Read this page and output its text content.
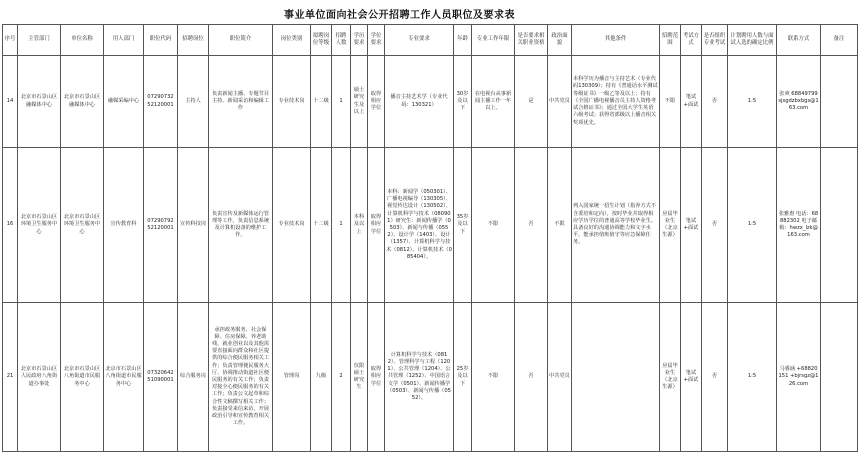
事业单位面向社会公开招聘工作人员职位及要求表
序号	主管部门	单位名称	用人部门	职位代码	招聘岗位	职位简介	岗位类别	拟聘岗位等级	招聘人数	学历要求	学位要求	专业要求	年龄	专业工作年限	是否要求相关职业资格	政治面貌	其他条件	招聘范围	考试方式	是否组织专业考试	计划聘用人数与面试人选的确定比例	联系方式	备注
14	北京市石景山区融媒体中心	北京市石景山区融媒体中心	融媒采编中心	07290732 52120001	主持人	负责新闻主播、专题节目主持、新闻采访和编辑工作	专业技术岗	十二级	1	硕士研究生及以上	取得相应学位	播音主持艺术学（专业代码：130321）	30岁及以下	在电视台从事新闻主播工作一年以上。	是	中共党员	本科学历为播音与主持艺术（专业代码130309）；持有《普通话水平测试等级证书》一级乙等及以上；持有《全国广播电视播音员主持人资格考试合格证书》；通过全国大学生英语六级考试；获得省部级以上播音相关奖项优先。	不限	笔试+面试	否	1:5	张爽 68849799 sjsgdzbxbgs@163.com	
16	北京市石景山区环境卫生服务中心	北京市石景山区环境卫生服务中心	宣传教育科	07290792 52120001	宣传科技岗	负责宣传及新媒体运行管理等工作，负责信息系统及计算机设备的维护工作。	专业技术岗	十二级	1	本科及以上	取得相应学位	本科：新闻学（050301）、广播电视编导（130305）、视觉传达设计（130502）、计算机科学与技术（080901）研究生：新闻传播学（0503）、新闻与传播（0552）、设计学（1403）、设计（1357）、计算机科学与技术（0812）、计算机技术（085404）。	35岁及以下	不限	否	不限	列入国家统一招生计划（指养方式不含委培和定向），按时毕业并取得相应学历学位的普通高等学校毕业生。具备良好的沟通协调能力和文字水平。能承担值班值守等应急保障任务。	应届毕业生（北京生源）	笔试+面试	否	1:5	张雅惠 电话：68882302 电子邮箱：hwzx_lzk@163.com	
21	北京市石景山区人民政府八角街道办事处	北京市石景山区八角街道市民服务中心	北京市石景山区八角街道市民服务中心	07320642 51090001	综合服务岗	承担政务服务、社会保障、住房保障、养老助残、就业创业以及其他需要直接面向群众和社区提供的综合便民服务相关工作；负责管理便民服务大厅、协调推动街道社区便民服务的有关工作；负责对接全心便民服务的有关工作；负责公文起草和综合性文稿撰写相关工作；负责接受来信来访，开展政治引导和宣传教育相关工作。	管理岗	九级	2	仅限硕士研究生	取得相应学位	计算机科学与技术（0812）、管理科学与工程（1201）、公共管理（1204）、公共管理（1252）、中国语言文学（0501）、新闻传播学（0503）、新闻与传播（0552）。	25岁及以下	不限	否	中共党员		应届毕业生（北京生源）	笔试+面试	否	1:5	马睿涵 +68820151 +bjrsgz@126.com	
